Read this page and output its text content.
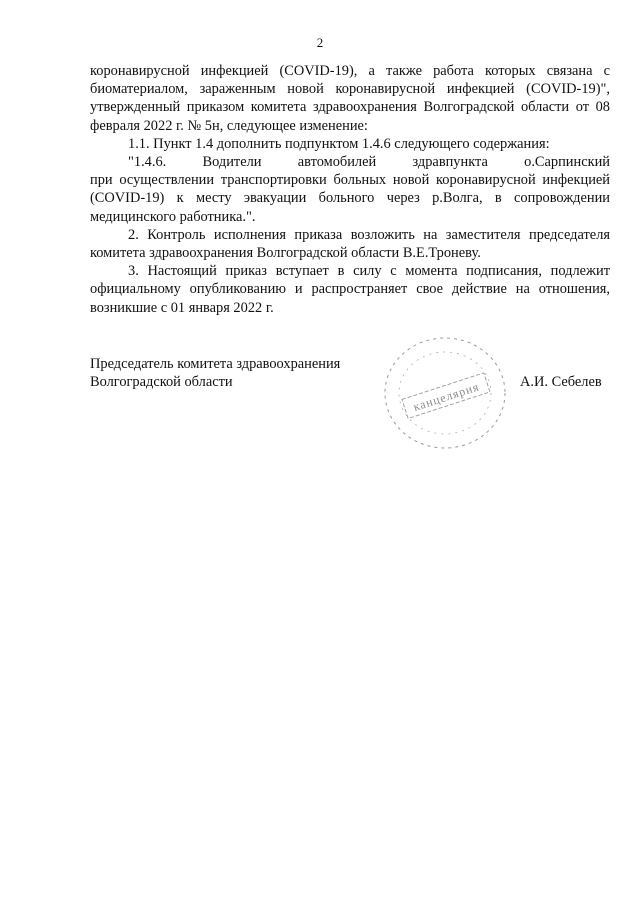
2

коронавирусной инфекцией (COVID-19), а также работа которых связана с биоматериалом, зараженным новой коронавирусной инфекцией (COVID-19)", утвержденный приказом комитета здравоохранения Волгоградской области от 08 февраля 2022 г. № 5н, следующее изменение:

1.1. Пункт 1.4 дополнить подпунктом 1.4.6 следующего содержания:

"1.4.6.	Водители	автомобилей	здравпункта	о.Сарпинский

при осуществлении транспортировки больных новой коронавирусной инфекцией (COVID-19) к месту эвакуации больного через р.Волга, в сопровождении медицинского работника.".

2. Контроль исполнения приказа возложить на заместителя председателя комитета здравоохранения Волгоградской области В.Е.Троневу.

3. Настоящий приказ вступает в силу с момента подписания, подлежит официальному опубликованию и распространяет свое действие на отношения, возникшие с 01 января 2022 г.

Председатель комитета здравоохранения
Волгоградской области	А.И. Себелев
канцелярия
